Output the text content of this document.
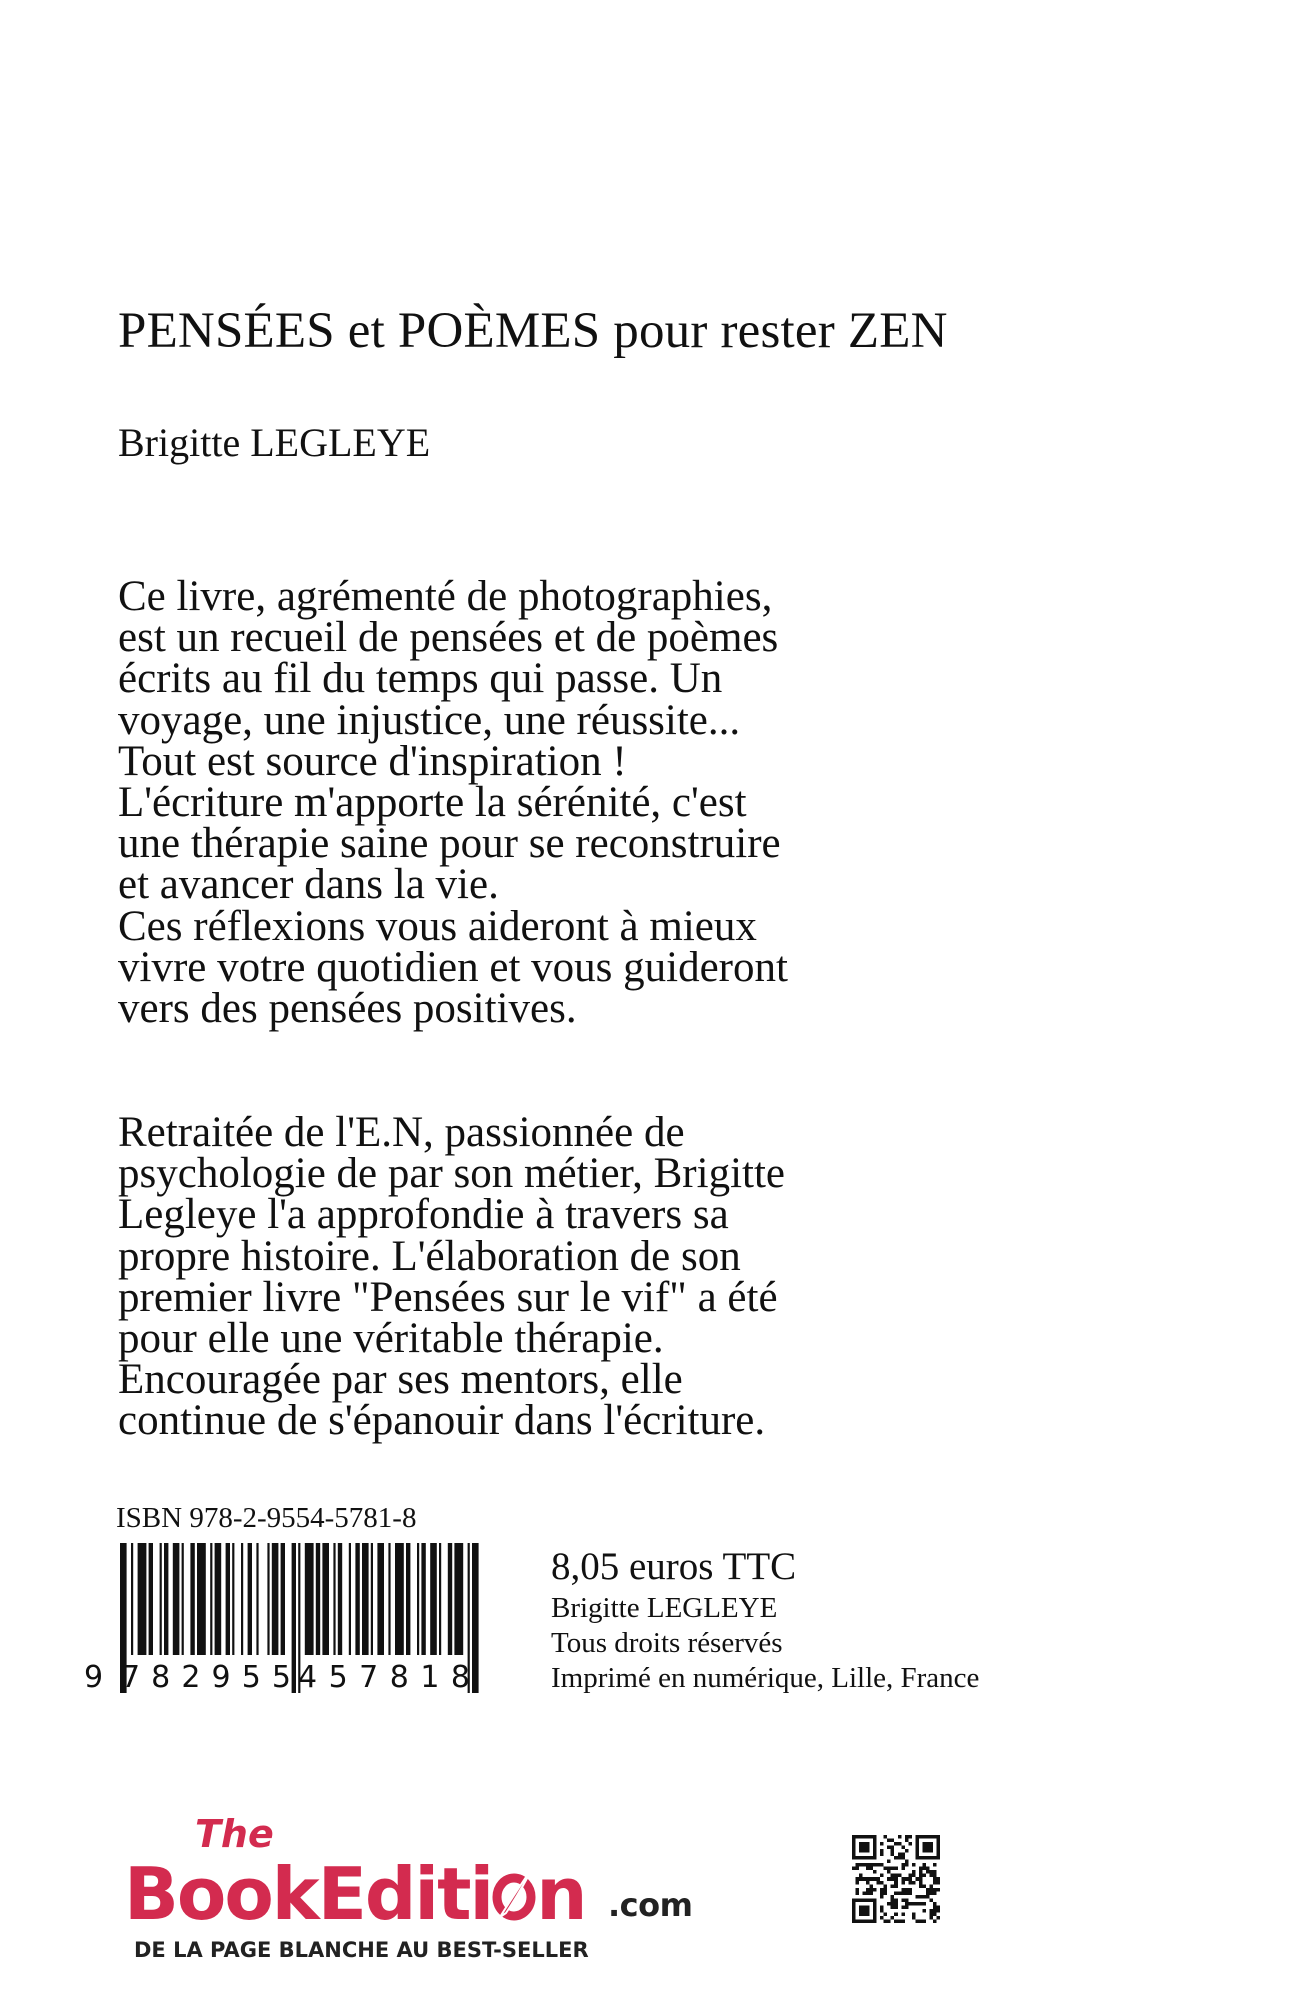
PENSÉES et POÈMES pour rester ZEN
Brigitte LEGLEYE
Ce livre, agrémenté de photographies,
est un recueil de pensées et de poèmes
écrits au fil du temps qui passe. Un
voyage, une injustice, une réussite...
Tout est source d'inspiration !
L'écriture m'apporte la sérénité, c'est
une thérapie saine pour se reconstruire
et avancer dans la vie.
Ces réflexions vous aideront à mieux
vivre votre quotidien et vous guideront
vers des pensées positives.
Retraitée de l'E.N, passionnée de
psychologie de par son métier, Brigitte
Legleye l'a approfondie à travers sa
propre histoire. L'élaboration de son
premier livre "Pensées sur le vif" a été
pour elle une véritable thérapie.
Encouragée par ses mentors, elle
continue de s'épanouir dans l'écriture.
ISBN 978-2-9554-5781-8
9 782955 457818
8,05 euros TTC
Brigitte LEGLEYE
Tous droits réservés
Imprimé en numérique, Lille, France
The
BookEditi n .com
DE LA PAGE BLANCHE AU BEST-SELLER
